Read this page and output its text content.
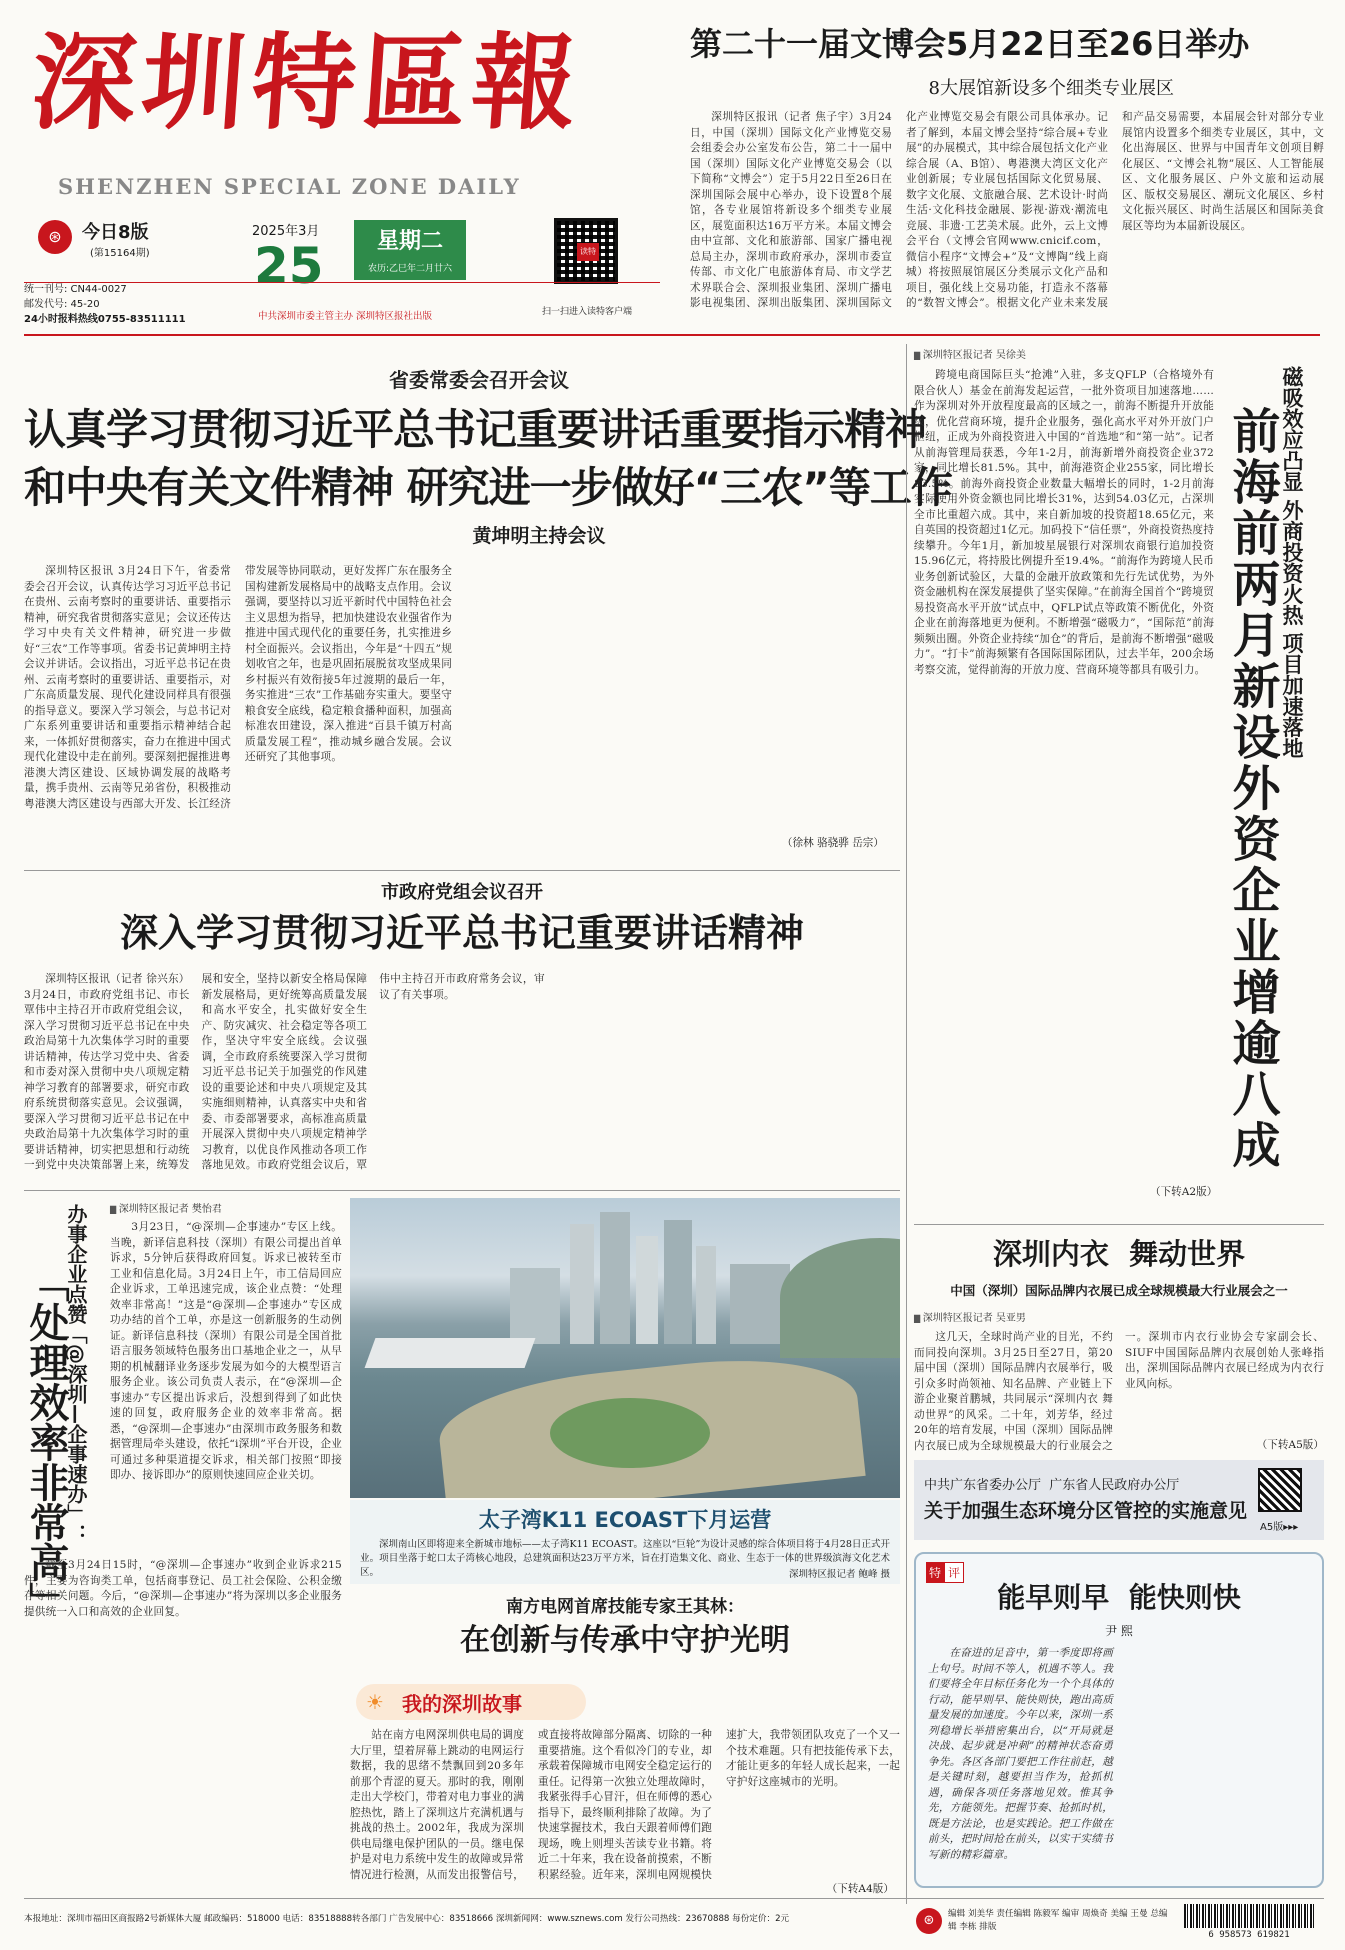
深圳特區報
SHENZHEN SPECIAL ZONE DAILY
⊛	今日8版
(第15164期)
统一刊号: CN44-0027
邮发代号: 45-20
24小时报料热线0755-83511111
2025年3月
25	星期二
农历:乙巳年二月廿六
中共深圳市委主管主办 深圳特区报社出版
读特
扫一扫进入读特客户端
第二十一届文博会5月22日至26日举办
8大展馆新设多个细类专业展区
深圳特区报讯（记者 焦子宇）3月24日，中国（深圳）国际文化产业博览交易会组委会办公室发布公告，第二十一届中国（深圳）国际文化产业博览交易会（以下简称“文博会”）定于5月22日至26日在深圳国际会展中心举办，设下设置8个展馆，各专业展馆将新设多个细类专业展区，展览面积达16万平方米。本届文博会由中宣部、文化和旅游部、国家广播电视总局主办，深圳市政府承办，深圳市委宣传部、市文化广电旅游体育局、市文学艺术界联合会、深圳报业集团、深圳广播电影电视集团、深圳出版集团、深圳国际文化产业博览交易会有限公司具体承办。记者了解到，本届文博会坚持“综合展+专业展”的办展模式，其中综合展包括文化产业综合展（A、B馆）、粤港澳大湾区文化产业创新展；专业展包括国际文化贸易展、数字文化展、文旅融合展、艺术设计·时尚生活·文化科技金融展、影视·游戏·潮流电竞展、非遗·工艺美术展。此外，云上文博会平台（文博会官网www.cnicif.com，微信小程序“文博会+”及“文博陶”线上商城）将按照展馆展区分类展示文化产品和项目，强化线上交易功能，打造永不落幕的“数智文博会”。根据文化产业未来发展和产品交易需要，本届展会针对部分专业展馆内设置多个细类专业展区，其中，文化出海展区、世界与中国青年文创项目孵化展区、“文博会礼物”展区、人工智能展区、文化服务展区、户外文旅和运动展区、版权交易展区、潮玩文化展区、乡村文化振兴展区、时尚生活展区和国际美食展区等均为本届新设展区。
省委常委会召开会议
认真学习贯彻习近平总书记重要讲话重要指示精神
和中央有关文件精神 研究进一步做好“三农”等工作
黄坤明主持会议
深圳特区报讯 3月24日下午，省委常委会召开会议，认真传达学习习近平总书记在贵州、云南考察时的重要讲话、重要指示精神，研究我省贯彻落实意见；会议还传达学习中央有关文件精神，研究进一步做好“三农”工作等事项。省委书记黄坤明主持会议并讲话。会议指出，习近平总书记在贵州、云南考察时的重要讲话、重要指示，对广东高质量发展、现代化建设同样具有很强的指导意义。要深入学习领会，与总书记对广东系列重要讲话和重要指示精神结合起来，一体抓好贯彻落实，奋力在推进中国式现代化建设中走在前列。要深刻把握推进粤港澳大湾区建设、区域协调发展的战略考量，携手贵州、云南等兄弟省份，积极推动粤港澳大湾区建设与西部大开发、长江经济带发展等协同联动，更好发挥广东在服务全国构建新发展格局中的战略支点作用。会议强调，要坚持以习近平新时代中国特色社会主义思想为指导，把加快建设农业强省作为推进中国式现代化的重要任务，扎实推进乡村全面振兴。会议指出，今年是“十四五”规划收官之年，也是巩固拓展脱贫攻坚成果同乡村振兴有效衔接5年过渡期的最后一年，务实推进“三农”工作基础夯实重大。要坚守粮食安全底线，稳定粮食播种面积，加强高标准农田建设，深入推进“百县千镇万村高质量发展工程”，推动城乡融合发展。会议还研究了其他事项。
（徐林 骆骁骅 岳宗）
市政府党组会议召开
深入学习贯彻习近平总书记重要讲话精神
深圳特区报讯（记者 徐兴东）3月24日，市政府党组书记、市长覃伟中主持召开市政府党组会议，深入学习贯彻习近平总书记在中央政治局第十九次集体学习时的重要讲话精神，传达学习党中央、省委和市委对深入贯彻中央八项规定精神学习教育的部署要求，研究市政府系统贯彻落实意见。会议强调，要深入学习贯彻习近平总书记在中央政治局第十九次集体学习时的重要讲话精神，切实把思想和行动统一到党中央决策部署上来，统筹发展和安全，坚持以新安全格局保障新发展格局，更好统筹高质量发展和高水平安全，扎实做好安全生产、防灾减灾、社会稳定等各项工作，坚决守牢安全底线。会议强调，全市政府系统要深入学习贯彻习近平总书记关于加强党的作风建设的重要论述和中央八项规定及其实施细则精神，认真落实中央和省委、市委部署要求，高标准高质量开展深入贯彻中央八项规定精神学习教育，以优良作风推动各项工作落地见效。市政府党组会议后，覃伟中主持召开市政府常务会议，审议了有关事项。
▇ 深圳特区报记者 吴徐美
跨境电商国际巨头“抢滩”入驻，多支QFLP（合格境外有限合伙人）基金在前海发起运营，一批外资项目加速落地……作为深圳对外开放程度最高的区域之一，前海不断提升开放能级，优化营商环境，提升企业服务，强化高水平对外开放门户枢纽，正成为外商投资进入中国的“首选地”和“第一站”。记者从前海管理局获悉，今年1-2月，前海新增外商投资企业372家，同比增长81.5%。其中，前海港资企业255家，同比增长83.5%。前海外商投资企业数量大幅增长的同时，1-2月前海实际使用外资金额也同比增长31%，达到54.03亿元，占深圳全市比重超六成。其中，来自新加坡的投资超18.65亿元，来自英国的投资超过1亿元。加码投下“信任票”，外商投资热度持续攀升。今年1月，新加坡星展银行对深圳农商银行追加投资15.96亿元，将持股比例提升至19.4%。“前海作为跨境人民币业务创新试验区，大量的金融开放政策和先行先试优势，为外资金融机构在深发展提供了坚实保障。”在前海全国首个“跨境贸易投资高水平开放”试点中，QFLP试点等政策不断优化，外资企业在前海落地更为便利。不断增强“磁吸力”，“国际范”前海频频出圈。外资企业持续“加仓”的背后，是前海不断增强“磁吸力”。“打卡”前海频繁有各国际国际团队，过去半年，200余场考察交流，觉得前海的开放力度、营商环境等都具有吸引力。
（下转A2版）
磁吸效应凸显 外商投资火热 项目加速落地
前海前两月新设外资企业增逾八成
办事企业点赞「@深圳—企事速办」：
「处理效率非常高」
▇ 深圳特区报记者 樊怡君
3月23日，“@深圳—企事速办”专区上线。当晚，新译信息科技（深圳）有限公司提出首单诉求，5分钟后获得政府回复。诉求已被转至市工业和信息化局。3月24日上午，市工信局回应企业诉求，工单迅速完成，该企业点赞：“处理效率非常高！”这是“@深圳—企事速办”专区成功办结的首个工单，亦是这一创新服务的生动例证。新译信息科技（深圳）有限公司是全国首批语言服务领域特色服务出口基地企业之一，从早期的机械翻译业务逐步发展为如今的大模型语言服务企业。该公司负责人表示，在“@深圳—企事速办”专区提出诉求后，没想到得到了如此快速的回复，政府服务企业的效率非常高。据悉，“@深圳—企事速办”由深圳市政务服务和数据管理局牵头建设，依托“i深圳”平台开设，企业可通过多种渠道提交诉求，相关部门按照“即接即办、接诉即办”的原则快速回应企业关切。
截至3月24日15时，“@深圳—企事速办”收到企业诉求215件，主要为咨询类工单，包括商事登记、员工社会保险、公积金缴存等相关问题。今后，“@深圳—企事速办”将为深圳以多企业服务提供统一入口和高效的企业回复。
太子湾K11 ECOAST下月运营
深圳南山区即将迎来全新城市地标——太子湾K11 ECOAST。这座以“巨轮”为设计灵感的综合体项目将于4月28日正式开业。项目坐落于蛇口太子湾核心地段，总建筑面积达23万平方米，旨在打造集文化、商业、生态于一体的世界级滨海文化艺术区。	深圳特区报记者 鲍峰 摄
南方电网首席技能专家王其林：
在创新与传承中守护光明
☀ 我的深圳故事
站在南方电网深圳供电局的调度大厅里，望着屏幕上跳动的电网运行数据，我的思绪不禁飘回到20多年前那个青涩的夏天。那时的我，刚刚走出大学校门，带着对电力事业的满腔热忱，踏上了深圳这片充满机遇与挑战的热土。2002年，我成为深圳供电局继电保护团队的一员。继电保护是对电力系统中发生的故障或异常情况进行检测，从而发出报警信号，或直接将故障部分隔离、切除的一种重要措施。这个看似冷门的专业，却承载着保障城市电网安全稳定运行的重任。记得第一次独立处理故障时，我紧张得手心冒汗，但在师傅的悉心指导下，最终顺利排除了故障。为了快速掌握技术，我白天跟着师傅们跑现场，晚上则埋头苦读专业书籍。将近二十年来，我在设备前摸索，不断积累经验。近年来，深圳电网规模快速扩大，我带领团队攻克了一个又一个技术难题。只有把技能传承下去，才能让更多的年轻人成长起来，一起守护好这座城市的光明。
（下转A4版）
深圳内衣  舞动世界
中国（深圳）国际品牌内衣展已成全球规模最大行业展会之一
▇ 深圳特区报记者 吴亚男
这几天，全球时尚产业的目光，不约而同投向深圳。3月25日至27日，第20届中国（深圳）国际品牌内衣展举行，吸引众多时尚领袖、知名品牌、产业链上下游企业聚首鹏城，共同展示“深圳内衣 舞动世界”的风采。二十年，刘芳华，经过20年的培育发展，中国（深圳）国际品牌内衣展已成为全球规模最大的行业展会之一。深圳市内衣行业协会专家副会长、SIUF中国国际品牌内衣展创始人张峰指出，深圳国际品牌内衣展已经成为内衣行业风向标。
（下转A5版）
中共广东省委办公厅  广东省人民政府办公厅
关于加强生态环境分区管控的实施意见
A5版▸▸▸
特 评
能早则早  能快则快
尹 熙
在奋进的足音中，第一季度即将画上句号。时间不等人，机遇不等人。我们要将全年目标任务化为一个个具体的行动，能早则早、能快则快，跑出高质量发展的加速度。今年以来，深圳一系列稳增长举措密集出台，以“开局就是决战、起步就是冲刺”的精神状态奋勇争先。各区各部门要把工作往前赶，越是关键时刻，越要担当作为，抢抓机遇，确保各项任务落地见效。惟其争先，方能领先。把握节奏、抢抓时机，既是方法论，也是实践论。把工作做在前头，把时间抢在前头，以实干实绩书写新的精彩篇章。
本报地址：深圳市福田区商报路2号新媒体大厦 邮政编码：518000 电话：83518888转各部门 广告发展中心：83518666 深圳新闻网：www.sznews.com 发行公司热线：23670888 每份定价：2元	⊛	编辑 刘美华 责任编辑 陈毅军 编审 周焕奇 美编 王曼 总编辑 李栋 排版
6 958573 619821
